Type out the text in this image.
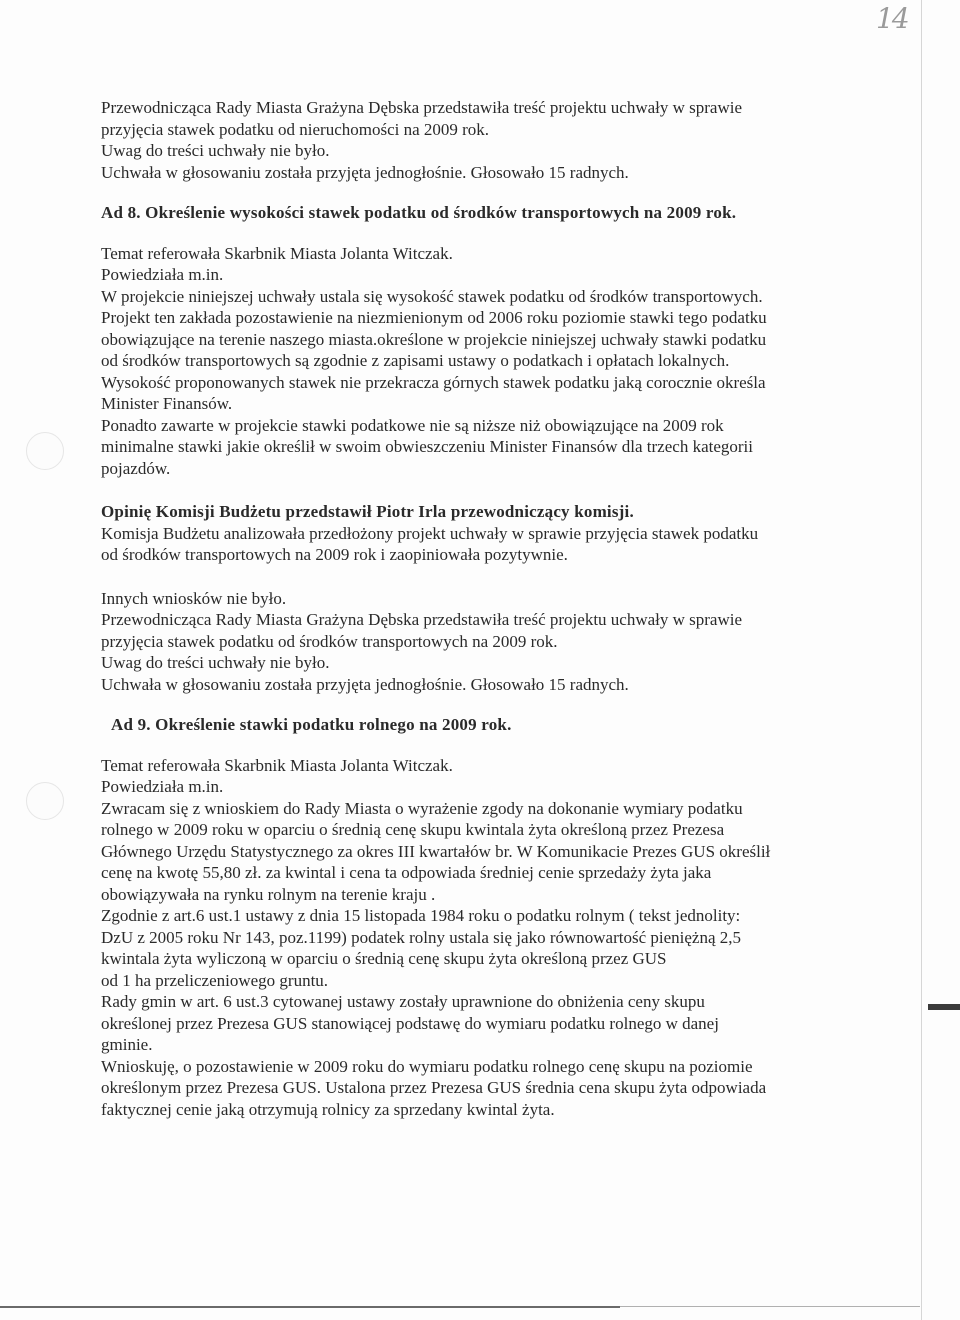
14
Przewodnicząca Rady Miasta Grażyna Dębska przedstawiła treść projektu uchwały w sprawie
przyjęcia stawek podatku od nieruchomości na 2009 rok.
Uwag do treści uchwały nie było.
Uchwała w głosowaniu została przyjęta jednogłośnie. Głosowało 15 radnych.
Ad 8. Określenie wysokości stawek podatku od środków transportowych na 2009 rok.
Temat referowała Skarbnik Miasta Jolanta Witczak.
Powiedziała m.in.
W projekcie niniejszej uchwały ustala się wysokość stawek podatku od środków transportowych.
Projekt ten zakłada pozostawienie na niezmienionym od 2006 roku poziomie stawki tego podatku
obowiązujące na terenie naszego miasta.określone w projekcie niniejszej uchwały stawki podatku
od środków transportowych są zgodnie z zapisami ustawy o podatkach i opłatach lokalnych.
Wysokość proponowanych stawek nie przekracza górnych stawek podatku jaką corocznie określa
Minister Finansów.
Ponadto zawarte w projekcie stawki podatkowe nie są niższe niż obowiązujące na 2009 rok
minimalne stawki jakie określił w swoim obwieszczeniu Minister Finansów dla trzech kategorii
pojazdów.
Opinię Komisji Budżetu przedstawił Piotr Irla przewodniczący komisji.
Komisja Budżetu analizowała przedłożony projekt uchwały w sprawie przyjęcia stawek podatku
od środków transportowych na 2009 rok i zaopiniowała pozytywnie.
Innych wniosków nie było.
Przewodnicząca Rady Miasta Grażyna Dębska przedstawiła treść projektu uchwały w sprawie
przyjęcia stawek podatku od środków transportowych na 2009 rok.
Uwag do treści uchwały nie było.
Uchwała w głosowaniu została przyjęta jednogłośnie. Głosowało 15 radnych.
Ad 9. Określenie stawki podatku rolnego na 2009 rok.
Temat referowała Skarbnik Miasta Jolanta Witczak.
Powiedziała m.in.
Zwracam się z wnioskiem do Rady Miasta o wyrażenie zgody na dokonanie wymiary podatku
rolnego w 2009 roku w oparciu o średnią cenę skupu kwintala żyta określoną przez Prezesa
Głównego Urzędu Statystycznego za okres III kwartałów br. W Komunikacie Prezes GUS określił
cenę na kwotę 55,80 zł. za kwintal i cena ta odpowiada średniej cenie sprzedaży żyta jaka
obowiązywała na rynku rolnym na terenie kraju .
Zgodnie z art.6 ust.1 ustawy z dnia 15 listopada 1984 roku o podatku rolnym ( tekst jednolity:
DzU z 2005 roku Nr 143, poz.1199) podatek rolny ustala się jako równowartość pieniężną 2,5
kwintala żyta wyliczoną w oparciu o średnią cenę skupu żyta określoną przez GUS
od 1 ha przeliczeniowego gruntu.
Rady gmin w art. 6 ust.3 cytowanej ustawy zostały uprawnione do obniżenia ceny skupu
określonej przez Prezesa GUS stanowiącej podstawę do wymiaru podatku rolnego w danej
gminie.
Wnioskuję, o pozostawienie w 2009 roku do wymiaru podatku rolnego cenę skupu na poziomie
określonym przez Prezesa GUS. Ustalona przez Prezesa GUS średnia cena skupu żyta odpowiada
faktycznej cenie jaką otrzymują rolnicy za sprzedany kwintal żyta.
